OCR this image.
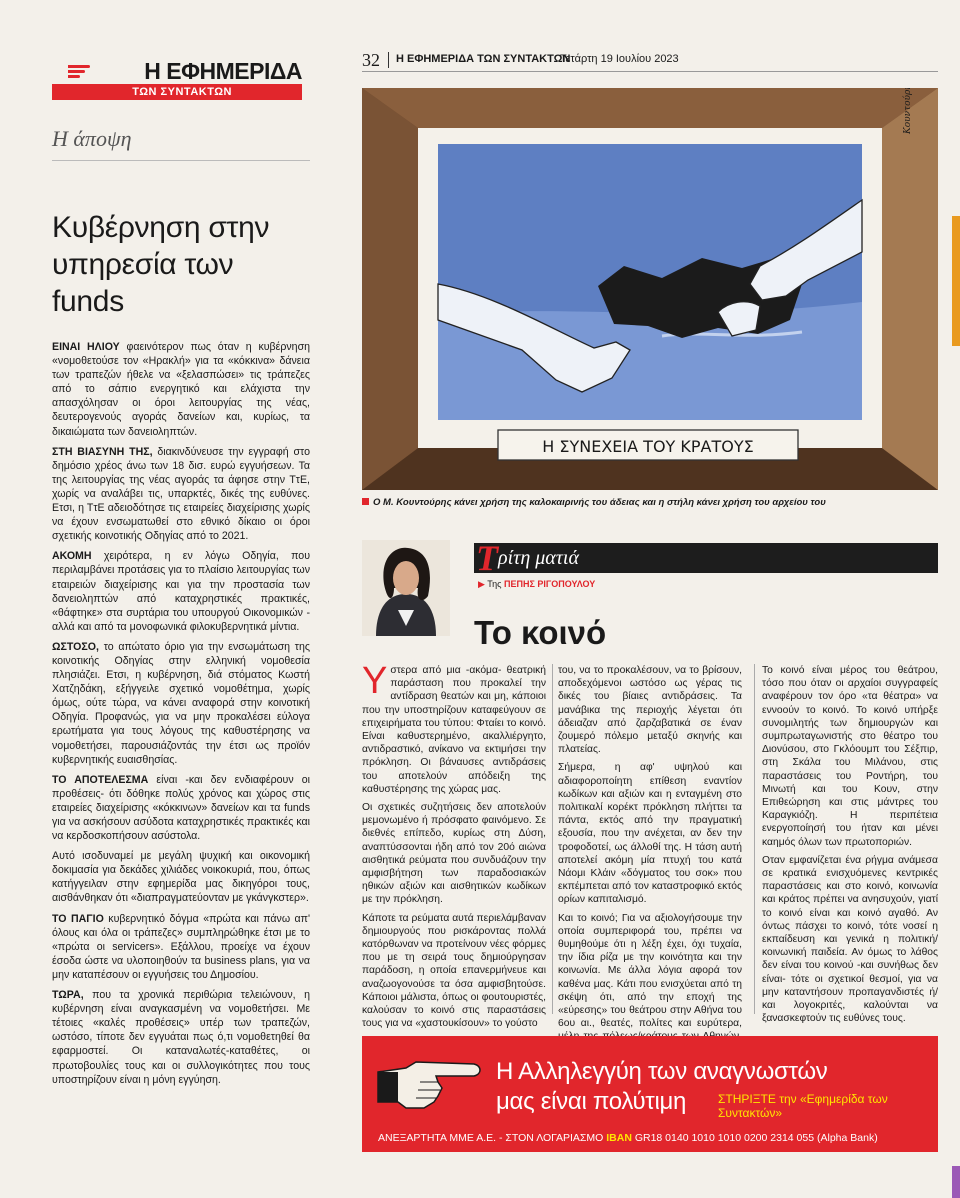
Η ΕΦΗΜΕΡΙΔΑ
ΤΩΝ ΣΥΝΤΑΚΤΩΝ
Η άποψη
Κυβέρνηση στην υπηρεσία των funds

ΕΙΝΑΙ ΗΛΙΟΥ φαεινότερον πως όταν η κυβέρνηση «νομοθετούσε τον «Ηρακλή» για τα «κόκκινα» δάνεια των τραπεζών ήθελε να «ξελασπώσει» τις τράπεζες από το σάπιο ενεργητικό και ελάχιστα την απασχόλησαν οι όροι λειτουργίας της νέας, δευτερογενούς αγοράς δανείων και, κυρίως, τα δικαιώματα των δανειοληπτών.

ΣΤΗ ΒΙΑΣΥΝΗ ΤΗΣ, διακινδύνευσε την εγγραφή στο δημόσιο χρέος άνω των 18 δισ. ευρώ εγγυήσεων. Τα της λειτουργίας της νέας αγοράς τα άφησε στην ΤτΕ, χωρίς να αναλάβει τις, υπαρκτές, δικές της ευθύνες. Ετσι, η ΤτΕ αδειοδότησε τις εταιρείες διαχείρισης χωρίς να έχουν ενσωματωθεί στο εθνικό δίκαιο οι όροι σχετικής κοινοτικής Οδηγίας από το 2021.

ΑΚΟΜΗ χειρότερα, η εν λόγω Οδηγία, που περιλαμβάνει προτάσεις για το πλαίσιο λειτουργίας των εταιρειών διαχείρισης και για την προστασία των δανειοληπτών από καταχρηστικές πρακτικές, «θάφτηκε» στα συρτάρια του υπουργού Οικονομικών - αλλά και από τα μονοφωνικά φιλοκυβερνητικά μίντια.

ΩΣΤΟΣΟ, το απώτατο όριο για την ενσωμάτωση της κοινοτικής Οδηγίας στην ελληνική νομοθεσία πλησιάζει. Ετσι, η κυβέρνηση, διά στόματος Κωστή Χατζηδάκη, εξήγγειλε σχετικό νομοθέτημα, χωρίς όμως, ούτε τώρα, να κάνει αναφορά στην κοινοτική Οδηγία. Προφανώς, για να μην προκαλέσει εύλογα ερωτήματα για τους λόγους της καθυστέρησης να νομοθετήσει, παρουσιάζοντάς την έτσι ως προϊόν κυβερνητικής ευαισθησίας.

ΤΟ ΑΠΟΤΕΛΕΣΜΑ είναι -και δεν ενδιαφέρουν οι προθέσεις- ότι δόθηκε πολύς χρόνος και χώρος στις εταιρείες διαχείρισης «κόκκινων» δανείων και τα funds για να ασκήσουν ασύδοτα καταχρηστικές πρακτικές και να κερδοσκοπήσουν ασύστολα.

Αυτό ισοδυναμεί με μεγάλη ψυχική και οικονομική δοκιμασία για δεκάδες χιλιάδες νοικοκυριά, που, όπως κατήγγειλαν στην εφημερίδα μας δικηγόροι τους, αισθάνθηκαν ότι «διαπραγματεύονταν με γκάνγκστερ».

ΤΟ ΠΑΓΙΟ κυβερνητικό δόγμα «πρώτα και πάνω απ' όλους και όλα οι τράπεζες» συμπληρώθηκε έτσι με το «πρώτα οι servicers». Εξάλλου, προείχε να έχουν έσοδα ώστε να υλοποιηθούν τα business plans, για να μην καταπέσουν οι εγγυήσεις του Δημοσίου.

ΤΩΡΑ, που τα χρονικά περιθώρια τελειώνουν, η κυβέρνηση είναι αναγκασμένη να νομοθετήσει. Με τέτοιες «καλές προθέσεις» υπέρ των τραπεζών, ωστόσο, τίποτε δεν εγγυάται πως ό,τι νομοθετηθεί θα εφαρμοστεί. Οι καταναλωτές-καταθέτες, οι πρωτοβουλίες τους και οι συλλογικότητες που τους υποστηρίζουν είναι η μόνη εγγύηση.

32 Η ΕΦΗΜΕΡΙΔΑ ΤΩΝ ΣΥΝΤΑΚΤΩΝ
Τετάρτη 19 Ιουλίου 2023
Η ΣΥΝΕΧΕΙΑ ΤΟΥ ΚΡΑΤΟΥΣ
Κουντούρης
Ο Μ. Κουντούρης κάνει χρήση της καλοκαιρινής του άδειας και η στήλη κάνει χρήση του αρχείου του
Τ ρίτη ματιά
▶ Της ΠΕΠΗΣ ΡΙΓΟΠΟΥΛΟΥ
Το κοινό

Υστερα από μια -ακόμα- θεατρική παράσταση που προκαλεί την αντίδραση θεατών και μη, κάποιοι που την υποστηρίζουν καταφεύγουν σε επιχειρήματα του τύπου: Φταίει το κοινό. Είναι καθυστερημένο, ακαλλιέργητο, αντιδραστικό, ανίκανο να εκτιμήσει την πρόκληση. Οι βάναυσες αντιδράσεις του αποτελούν απόδειξη της καθυστέρησης της χώρας μας.

Οι σχετικές συζητήσεις δεν αποτελούν μεμονωμένο ή πρόσφατο φαινόμενο. Σε διεθνές επίπεδο, κυρίως στη Δύση, αναπτύσσονται ήδη από τον 20ό αιώνα αισθητικά ρεύματα που συνδυάζουν την αμφισβήτηση των παραδοσιακών ηθικών αξιών και αισθητικών κωδίκων με την πρόκληση.

Κάποτε τα ρεύματα αυτά περιελάμβαναν δημιουργούς που ρισκάροντας πολλά κατόρθωναν να προτείνουν νέες φόρμες που με τη σειρά τους δημιούργησαν παράδοση, η οποία επανερμήνευε και αναζωογονούσε τα όσα αμφισβητούσε. Κάποιοι μάλιστα, όπως οι φουτουριστές, καλούσαν το κοινό στις παραστάσεις τους για να «χαστουκίσουν» το γούστο

του, να το προκαλέσουν, να το βρίσουν, αποδεχόμενοι ωστόσο ως γέρας τις δικές του βίαιες αντιδράσεις. Τα μανάβικα της περιοχής λέγεται ότι άδειαζαν από ζαρζαβατικά σε έναν ζουμερό πόλεμο μεταξύ σκηνής και πλατείας.

Σήμερα, η αφ' υψηλού και αδιαφοροποίητη επίθεση εναντίον κωδίκων και αξιών και η ενταγμένη στο πολιτικαλί κορέκτ πρόκληση πλήττει τα πάντα, εκτός από την πραγματική εξουσία, που την ανέχεται, αν δεν την τροφοδοτεί, ως άλλοθί της. Η τάση αυτή αποτελεί ακόμη μία πτυχή του κατά Νάομι Κλάιν «δόγματος του σοκ» που εκπέμπεται από τον καταστροφικό εκτός ορίων καπιταλισμό.

Και το κοινό; Για να αξιολογήσουμε την οποία συμπεριφορά του, πρέπει να θυμηθούμε ότι η λέξη έχει, όχι τυχαία, την ίδια ρίζα με την κοινότητα και την κοινωνία. Με άλλα λόγια αφορά τον καθένα μας. Κάτι που ενισχύεται από τη σκέψη ότι, από την εποχή της «εύρεσης» του θεάτρου στην Αθήνα του 6ου αι., θεατές, πολίτες και ευρύτερα,

Το κοινό είναι μέρος του θεάτρου, τόσο που όταν οι αρχαίοι συγγραφείς αναφέρουν τον όρο «τα θέατρα» να εννοούν το κοινό. Το κοινό υπήρξε συνομιλητής των δημιουργών και συμπρωταγωνιστής στο θέατρο του Διονύσου, στο Γκλόουμπ του Σέξπιρ, στη Σκάλα του Μιλάνου, στις παραστάσεις του Ροντήρη, του Μινωτή και του Κουν, στην Επιθεώρηση και στις μάντρες του Καραγκιόζη. Η περιπέτεια ενεργοποίησή του ήταν και μένει καημός όλων των πρωτοποριών.

Οταν εμφανίζεται ένα ρήγμα ανάμεσα σε κρατικά ενισχυόμενες κεντρικές παραστάσεις και στο κοινό, κοινωνία και κράτος πρέπει να ανησυχούν, γιατί το κοινό είναι και κοινό αγαθό. Αν όντως πάσχει το κοινό, τότε νοσεί η εκπαίδευση και γενικά η πολιτική/κοινωνική παιδεία. Αν όμως το λάθος δεν είναι του κοινού -και συνήθως δεν είναι- τότε οι σχετικοί θεσμοί, για να μην καταντήσουν προπαγανδιστές ή/και λογοκριτές, καλούνται να ξανασκεφτούν τις ευθύνες τους.

Η Αλληλεγγύη των αναγνωστών
μας είναι πολύτιμη	ΣΤΗΡΙΞΤΕ την «Εφημερίδα των Συντακτών»
ΑΝΕΞΑΡΤΗΤΑ ΜΜΕ Α.Ε. - ΣΤΟΝ ΛΟΓΑΡΙΑΣΜΟ IBAN GR18 0140 1010 1010 0200 2314 055 (Alpha Bank)
